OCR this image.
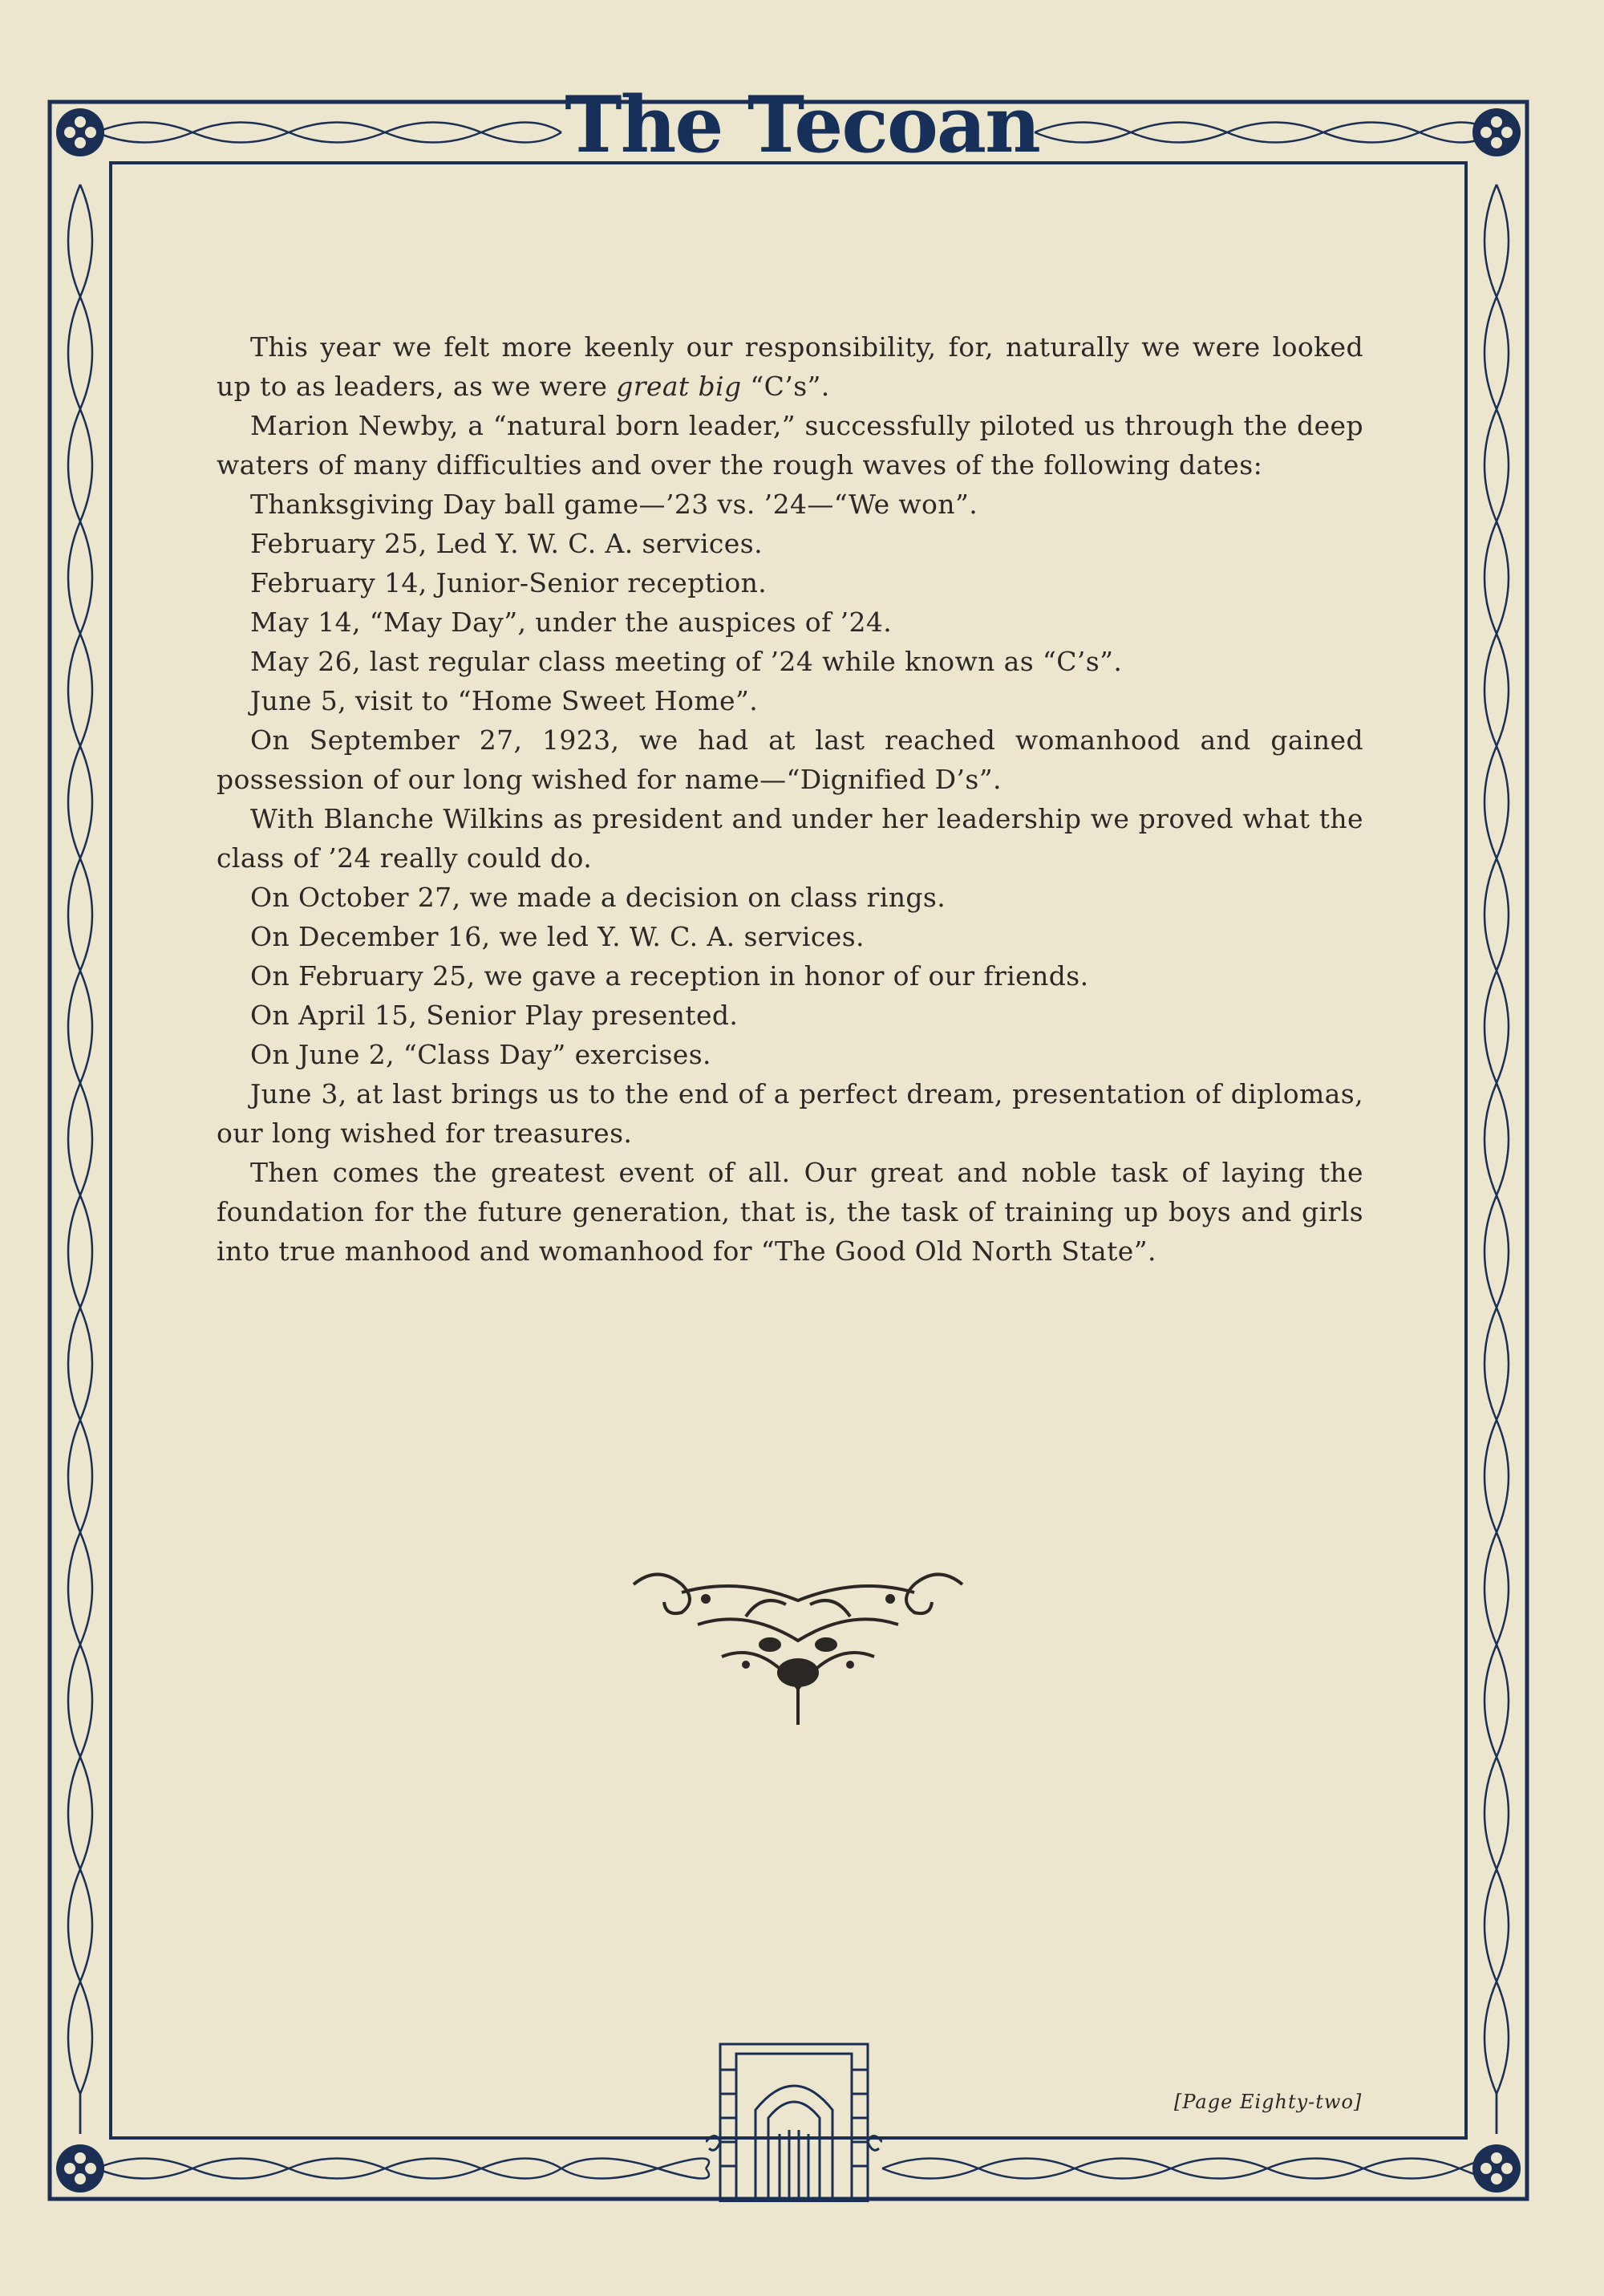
The Tecoan

This year we felt more keenly our responsibility, for, naturally we were looked up to as leaders, as we were great big “C’s”.

Marion Newby, a “natural born leader,” successfully piloted us through the deep waters of many difficulties and over the rough waves of the following dates:

Thanksgiving Day ball game—’23 vs. ’24—“We won”.

February 25, Led Y. W. C. A. services.

February 14, Junior-Senior reception.

May 14, “May Day”, under the auspices of ’24.

May 26, last regular class meeting of ’24 while known as “C’s”.

June 5, visit to “Home Sweet Home”.

On September 27, 1923, we had at last reached womanhood and gained possession of our long wished for name—“Dignified D’s”.

With Blanche Wilkins as president and under her leadership we proved what the class of ’24 really could do.

On October 27, we made a decision on class rings.

On December 16, we led Y. W. C. A. services.

On February 25, we gave a reception in honor of our friends.

On April 15, Senior Play presented.

On June 2, “Class Day” exercises.

June 3, at last brings us to the end of a perfect dream, presentation of diplomas, our long wished for treasures.

Then comes the greatest event of all. Our great and noble task of laying the foundation for the future generation, that is, the task of training up boys and girls into true manhood and womanhood for “The Good Old North State”.

[Page Eighty-two]
